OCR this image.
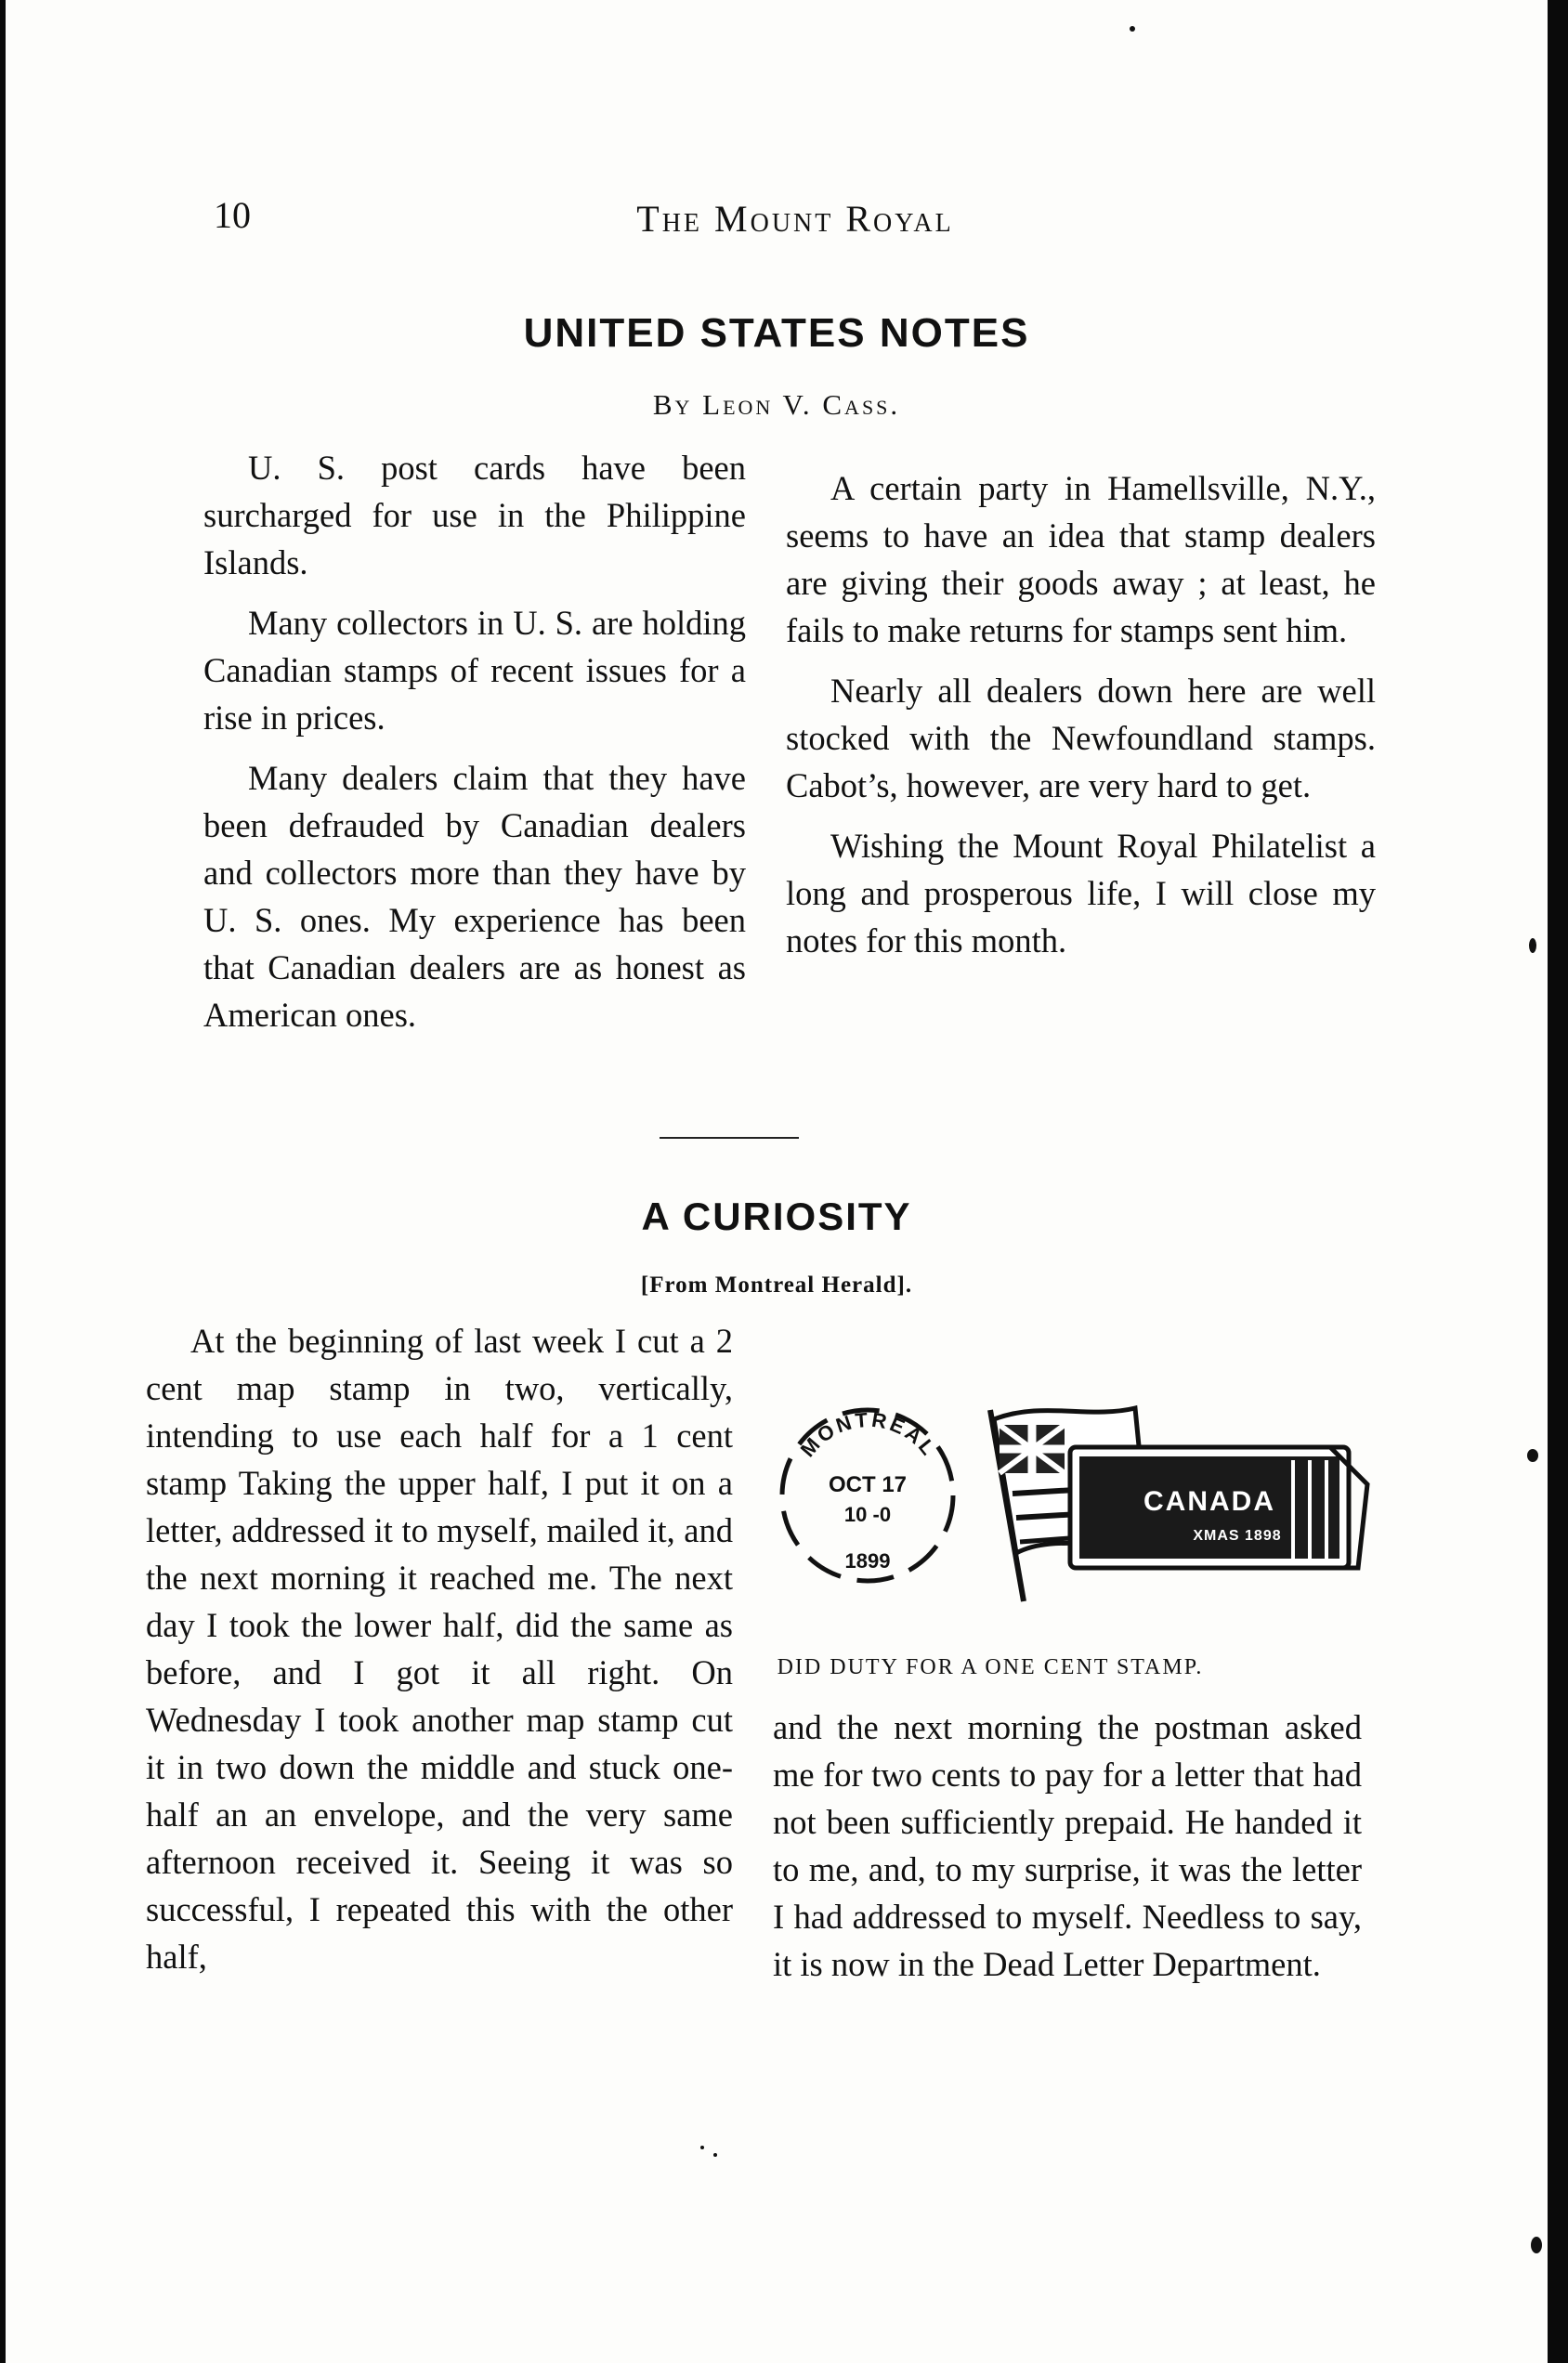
10	The Mount Royal
UNITED STATES NOTES
By Leon V. Cass.

U. S. post cards have been surcharged for use in the Philippine Islands.

Many collectors in U. S. are holding Canadian stamps of recent issues for a rise in prices.

Many dealers claim that they have been defrauded by Canadian dealers and collectors more than they have by U. S. ones. My experience has been that Canadian dealers are as honest as American ones.

A certain party in Hamellsville, N.Y., seems to have an idea that stamp dealers are giving their goods away ; at least, he fails to make returns for stamps sent him.

Nearly all dealers down here are well stocked with the Newfoundland stamps. Cabot’s, however, are very hard to get.

Wishing the Mount Royal Philatelist a long and prosperous life, I will close my notes for this month.

A CURIOSITY
[From Montreal Herald].

At the beginning of last week I cut a 2 cent map stamp in two, vertically, intending to use each half for a 1 cent stamp Taking the upper half, I put it on a letter, addressed it to myself, mailed it, and the next morning it reached me. The next day I took the lower half, did the same as before, and I got it all right. On Wednesday I took another map stamp cut it in two down the middle and stuck one-half an an envelope, and the very same afternoon received it. Seeing it was so successful, I repeated this with the other half,

MONTREAL
OCT 17
10 -0
1899
CANADA
XMAS 1898
DID DUTY FOR A ONE CENT STAMP.

and the next morning the postman asked me for two cents to pay for a letter that had not been sufficiently prepaid. He handed it to me, and, to my surprise, it was the letter I had addressed to myself. Needless to say, it is now in the Dead Letter Department.
